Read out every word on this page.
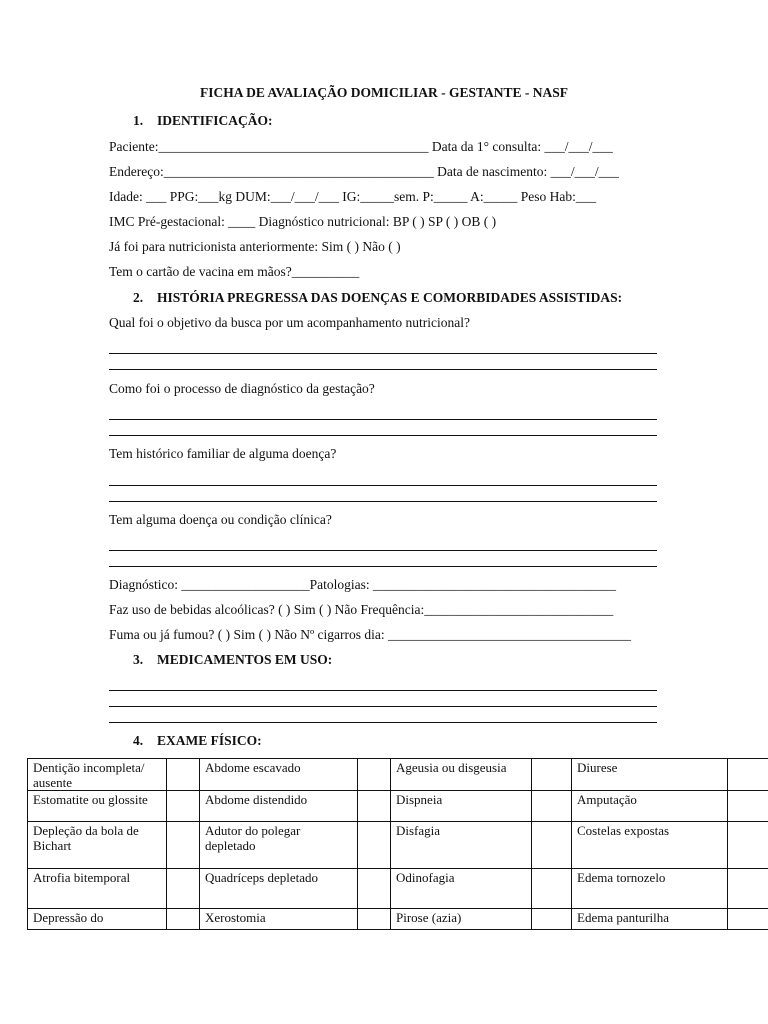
FICHA DE AVALIAÇÃO DOMICILIAR - GESTANTE - NASF
1. IDENTIFICAÇÃO:
Paciente:________________________________________ Data da 1° consulta: ___/___/___
Endereço:________________________________________ Data de nascimento: ___/___/___
Idade: ___ PPG:___kg DUM:___/___/___ IG:_____sem. P:_____ A:_____ Peso Hab:___
IMC Pré-gestacional: ____ Diagnóstico nutricional: BP ( ) SP ( ) OB ( )
Já foi para nutricionista anteriormente: Sim ( ) Não ( )
Tem o cartão de vacina em mãos?__________
2. HISTÓRIA PREGRESSA DAS DOENÇAS E COMORBIDADES ASSISTIDAS:
Qual foi o objetivo da busca por um acompanhamento nutricional?
Como foi o processo de diagnóstico da gestação?
Tem histórico familiar de alguma doença?
Tem alguma doença ou condição clínica?
Diagnóstico: ___________________Patologias: ____________________________________
Faz uso de bebidas alcoólicas? ( ) Sim ( ) Não Frequência:____________________________
Fuma ou já fumou? ( ) Sim ( ) Não Nº cigarros dia: ____________________________________
3. MEDICAMENTOS EM USO:
4. EXAME FÍSICO:
Dentição incompleta/ ausente		Abdome escavado		Ageusia ou disgeusia		Diurese	
Estomatite ou glossite		Abdome distendido		Dispneia		Amputação	
Depleção da bola de Bichart		Adutor do polegar depletado		Disfagia		Costelas expostas	
Atrofia bitemporal		Quadríceps depletado		Odinofagia		Edema tornozelo	
Depressão do		Xerostomia		Pirose (azia)		Edema panturilha	
